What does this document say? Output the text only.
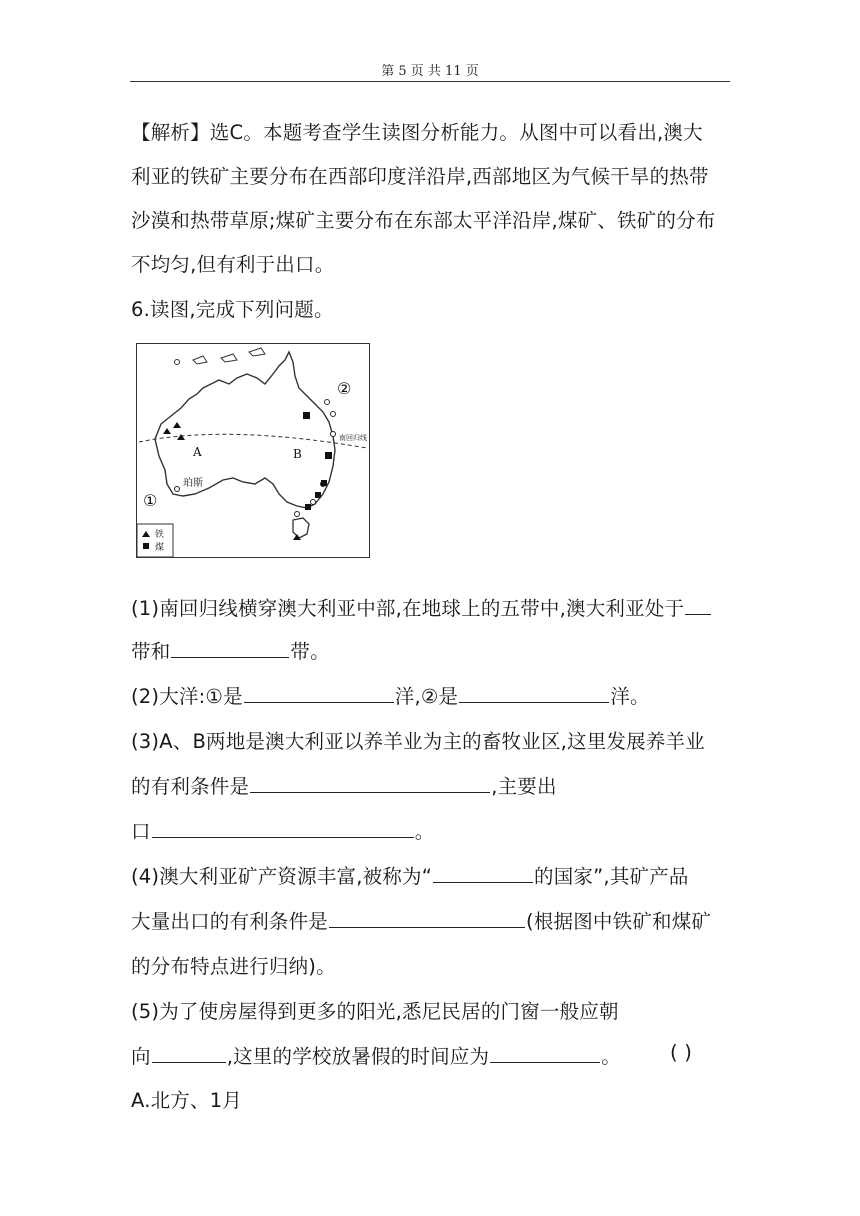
第 5 页 共 11 页
【解析】选C。本题考查学生读图分析能力。从图中可以看出,澳大
利亚的铁矿主要分布在西部印度洋沿岸,西部地区为气候干旱的热带
沙漠和热带草原;煤矿主要分布在东部太平洋沿岸,煤矿、铁矿的分布
不均匀,但有利于出口。
6.读图,完成下列问题。
南回归线
A	B
珀斯
①
②
铁
煤
(1)南回归线横穿澳大利亚中部,在地球上的五带中,澳大利亚处于
带和	带。
(2)大洋:①是	洋,②是	洋。
(3)A、B两地是澳大利亚以养羊业为主的畜牧业区,这里发展养羊业
的有利条件是	,主要出
口	。
(4)澳大利亚矿产资源丰富,被称为“	的国家”,其矿产品
大量出口的有利条件是	(根据图中铁矿和煤矿
的分布特点进行归纳)。
(5)为了使房屋得到更多的阳光,悉尼民居的门窗一般应朝
向	,这里的学校放暑假的时间应为	。	( )
A.北方、1月
